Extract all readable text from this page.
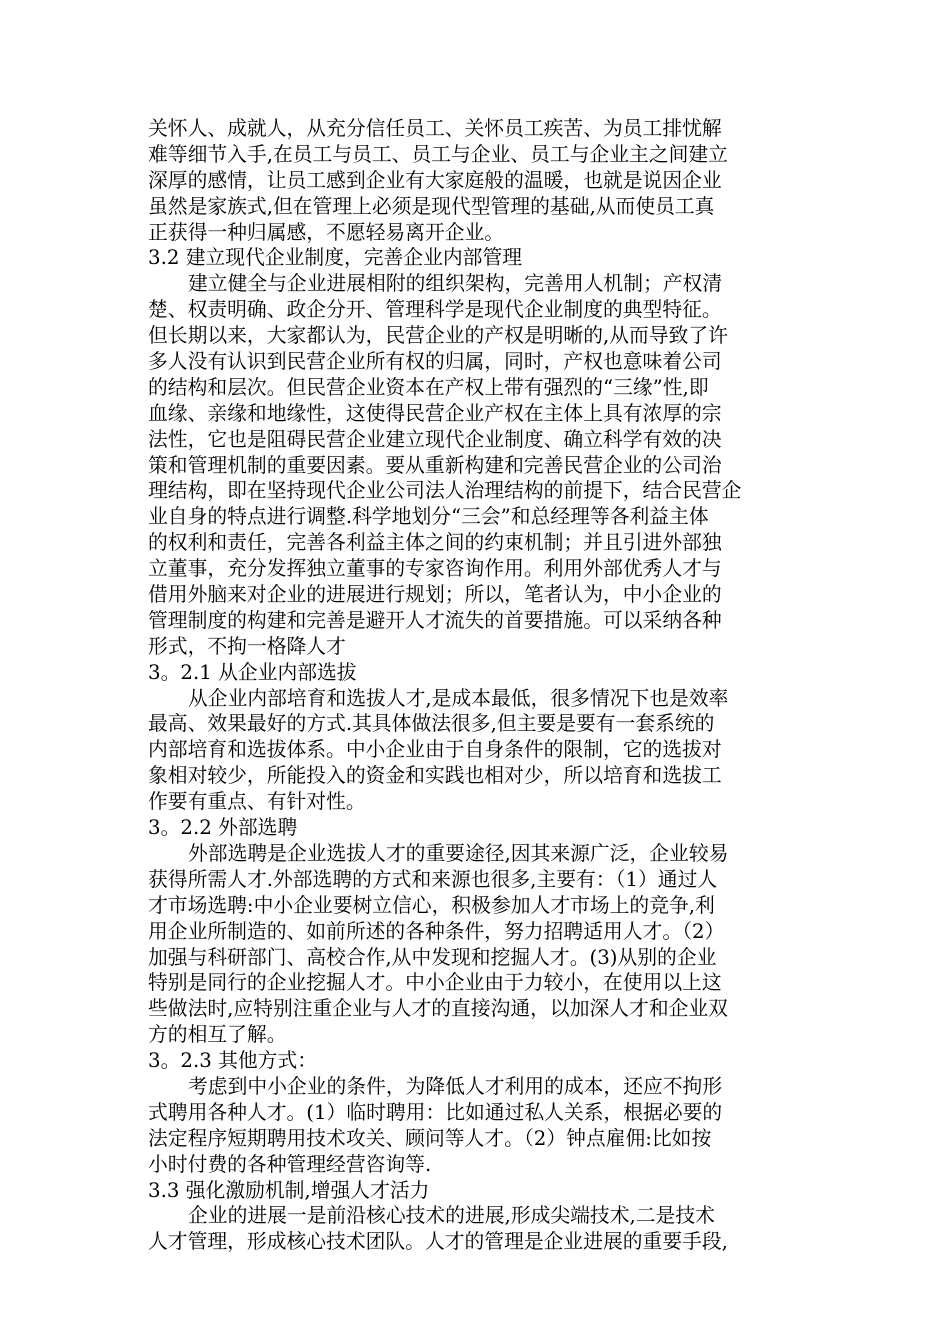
关怀人、成就人，从充分信任员工、关怀员工疾苦、为员工排忧解
难等细节入手,在员工与员工、员工与企业、员工与企业主之间建立
深厚的感情，让员工感到企业有大家庭般的温暖，也就是说因企业
虽然是家族式,但在管理上必须是现代型管理的基础,从而使员工真
正获得一种归属感，不愿轻易离开企业。
3.2 建立现代企业制度，完善企业内部管理
建立健全与企业进展相附的组织架构，完善用人机制；产权清
楚、权责明确、政企分开、管理科学是现代企业制度的典型特征。
但长期以来，大家都认为，民营企业的产权是明晰的,从而导致了许
多人没有认识到民营企业所有权的归属，同时，产权也意味着公司
的结构和层次。但民营企业资本在产权上带有强烈的“三缘”性,即
血缘、亲缘和地缘性，这使得民营企业产权在主体上具有浓厚的宗
法性，它也是阻碍民营企业建立现代企业制度、确立科学有效的决
策和管理机制的重要因素。要从重新构建和完善民营企业的公司治
理结构，即在坚持现代企业公司法人治理结构的前提下，结合民营企
业自身的特点进行调整.科学地划分“三会”和总经理等各利益主体
的权利和责任，完善各利益主体之间的约束机制；并且引进外部独
立董事，充分发挥独立董事的专家咨询作用。利用外部优秀人才与
借用外脑来对企业的进展进行规划；所以，笔者认为，中小企业的
管理制度的构建和完善是避开人才流失的首要措施。可以采纳各种
形式，不拘一格降人才
3。2.1 从企业内部选拔
从企业内部培育和选拔人才,是成本最低，很多情况下也是效率
最高、效果最好的方式.其具体做法很多,但主要是要有一套系统的
内部培育和选拔体系。中小企业由于自身条件的限制，它的选拔对
象相对较少，所能投入的资金和实践也相对少，所以培育和选拔工
作要有重点、有针对性。
3。2.2 外部选聘
外部选聘是企业选拔人才的重要途径,因其来源广泛，企业较易
获得所需人才.外部选聘的方式和来源也很多,主要有：（1）通过人
才市场选聘:中小企业要树立信心，积极参加人才市场上的竞争,利
用企业所制造的、如前所述的各种条件，努力招聘适用人才。（2）
加强与科研部门、高校合作,从中发现和挖掘人才。(3)从别的企业
特别是同行的企业挖掘人才。中小企业由于力较小，在使用以上这
些做法时,应特别注重企业与人才的直接沟通，以加深人才和企业双
方的相互了解。
3。2.3 其他方式：
考虑到中小企业的条件，为降低人才利用的成本，还应不拘形
式聘用各种人才。(1）临时聘用：比如通过私人关系，根据必要的
法定程序短期聘用技术攻关、顾问等人才。（2）钟点雇佣:比如按
小时付费的各种管理经营咨询等.
3.3 强化激励机制,增强人才活力
企业的进展一是前沿核心技术的进展,形成尖端技术,二是技术
人才管理，形成核心技术团队。人才的管理是企业进展的重要手段,
